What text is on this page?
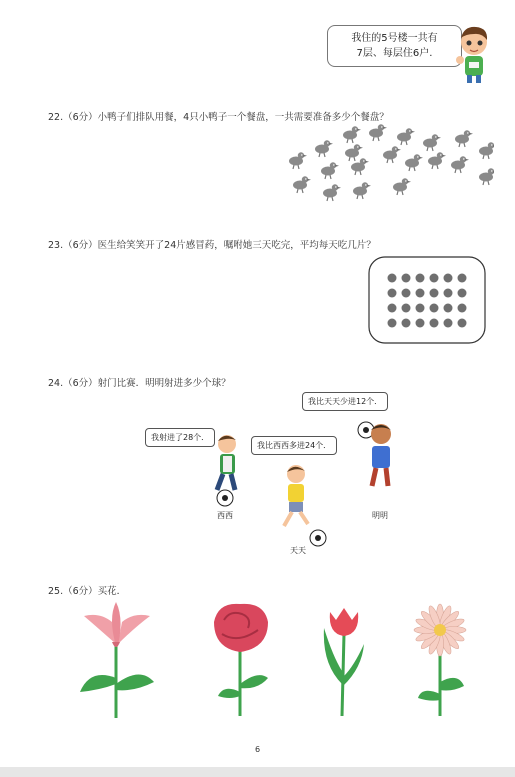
我住的5号楼一共有
7层、每层住6户.
22.（6分）小鸭子们排队用餐，4只小鸭子一个餐盘，一共需要准备多少个餐盘？
23.（6分）医生给笑笑开了24片感冒药，嘱咐她三天吃完，平均每天吃几片？
24.（6分）射门比赛．明明射进多少个球？
我比天天少进12个．
我射进了28个．
我比西西多进24个．
西西
天天
明明
25.（6分）买花．
6
